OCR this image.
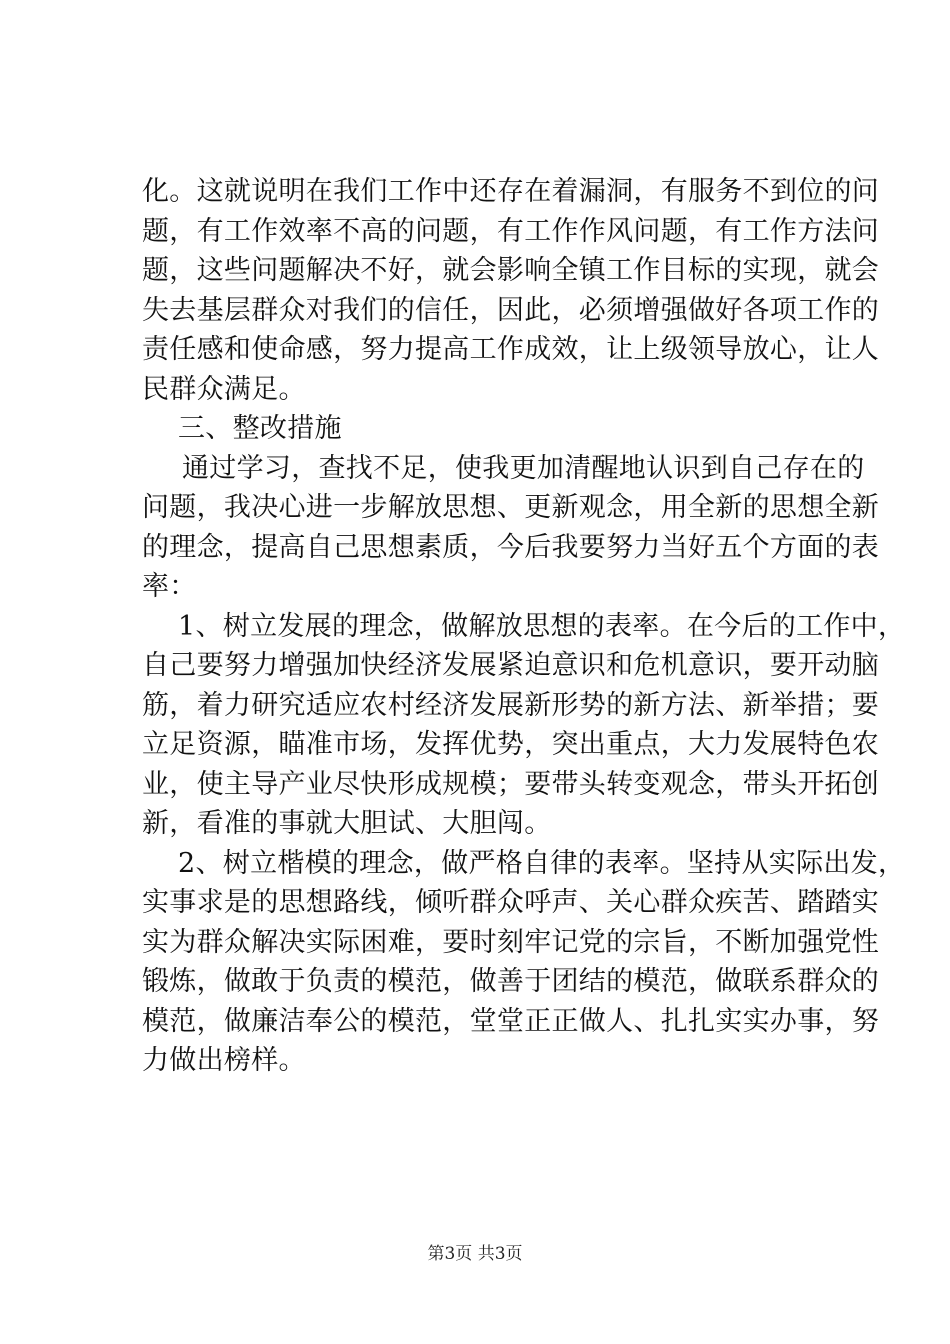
化。这就说明在我们工作中还存在着漏洞，有服务不到位的问
题，有工作效率不高的问题，有工作作风问题，有工作方法问
题，这些问题解决不好，就会影响全镇工作目标的实现，就会
失去基层群众对我们的信任，因此，必须增强做好各项工作的
责任感和使命感，努力提高工作成效，让上级领导放心，让人
民群众满足。
三、整改措施
通过学习，查找不足，使我更加清醒地认识到自己存在的
问题，我决心进一步解放思想、更新观念，用全新的思想全新
的理念，提高自己思想素质，今后我要努力当好五个方面的表
率：
1、树立发展的理念，做解放思想的表率。在今后的工作中，
自己要努力增强加快经济发展紧迫意识和危机意识，要开动脑
筋，着力研究适应农村经济发展新形势的新方法、新举措；要
立足资源，瞄准市场，发挥优势，突出重点，大力发展特色农
业，使主导产业尽快形成规模；要带头转变观念，带头开拓创
新，看准的事就大胆试、大胆闯。
2、树立楷模的理念，做严格自律的表率。坚持从实际出发，
实事求是的思想路线，倾听群众呼声、关心群众疾苦、踏踏实
实为群众解决实际困难，要时刻牢记党的宗旨，不断加强党性
锻炼，做敢于负责的模范，做善于团结的模范，做联系群众的
模范，做廉洁奉公的模范，堂堂正正做人、扎扎实实办事，努
力做出榜样。
第3页 共3页
